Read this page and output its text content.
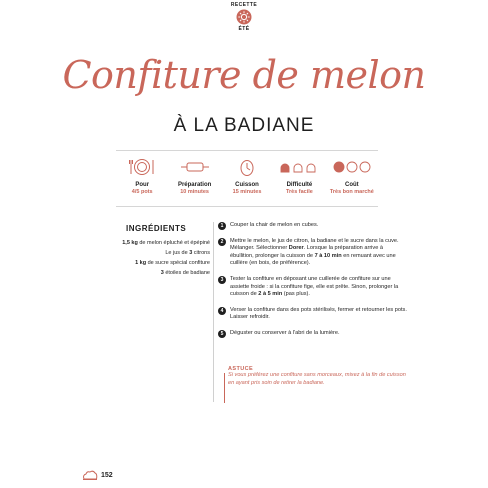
RECETTE
ÉTÉ
Confiture de melon
À LA BADIANE
Pour
4/5 pots
Préparation
10 minutes
Cuisson
15 minutes
Difficulté
Très facile
Coût
Très bon marché
INGRÉDIENTS
1,5 kg de melon épluché et épépiné
Le jus de 3 citrons
1 kg de sucre spécial confiture
3 étoiles de badiane
1	Couper la chair de melon en cubes.
2	Mettre le melon, le jus de citron, la badiane et le sucre dans la cuve. Mélanger. Sélectionner Dorer. Lorsque la préparation arrive à ébullition, prolonger la cuisson de 7 à 10 min en remuant avec une cuillère (en bois, de préférence).
3	Tester la confiture en déposant une cuillerée de confiture sur une assiette froide : si la confiture fige, elle est prête. Sinon, prolonger la cuisson de 2 à 5 min (pas plus).
4	Verser la confiture dans des pots stérilisés, fermer et retourner les pots. Laisser refroidir.
5	Déguster ou conserver à l'abri de la lumière.
ASTUCE
Si vous préférez une confiture sans morceaux, mixez à la fin de cuisson en ayant pris soin de retirer la badiane.
152
